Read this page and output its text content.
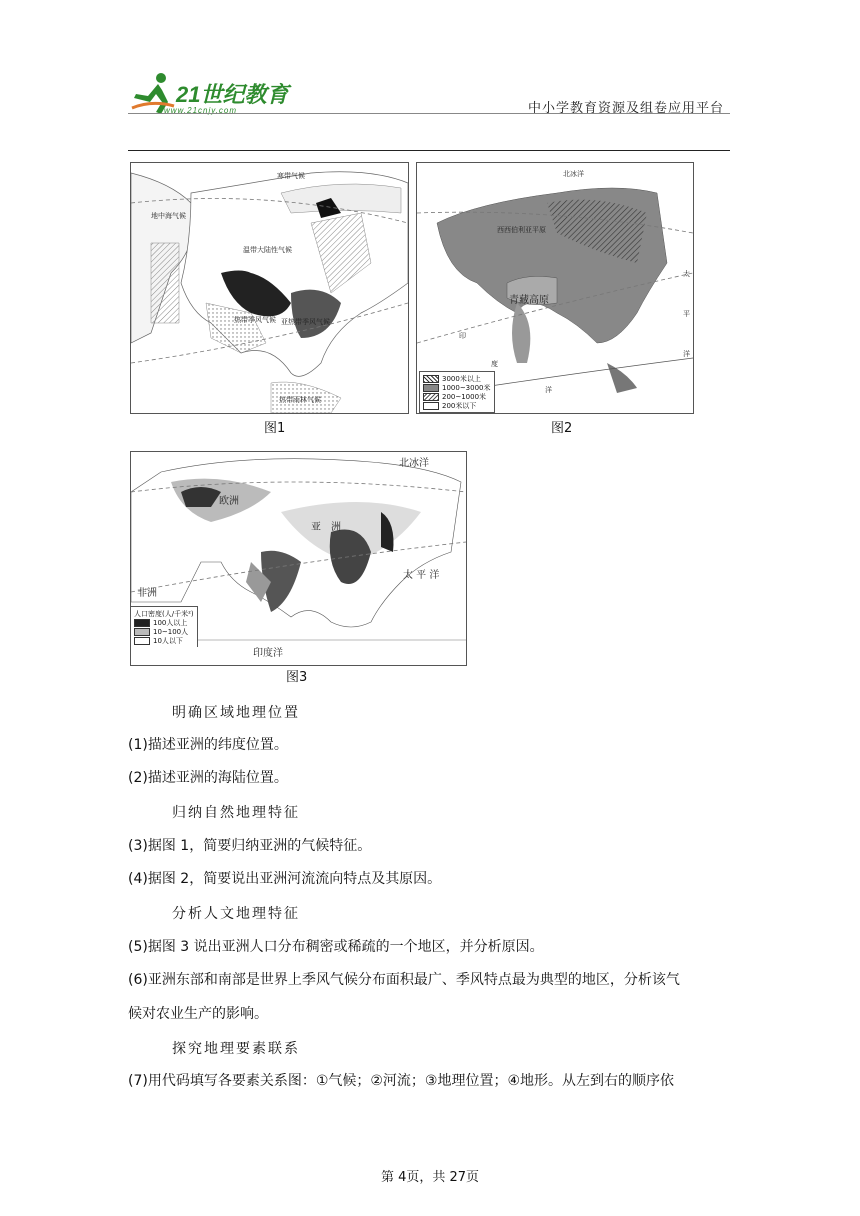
21世纪教育
www.21cnjy.com	中小学教育资源及组卷应用平台
寒带气候
地中海气候
温带大陆性气候
热带季风气候 亚热带季风气候
热带雨林气候
图1
北冰洋
青藏高原
西西伯利亚平原
太
平
洋
印
度
洋
3000米以上
1000~3000米
200~1000米
200米以下
图2
北冰洋
欧洲
亚　洲
非洲
太 平 洋
印度洋
人口密度(人/千米²)
100人以上
10~100人
10人以下
图3
明确区域地理位置
(1)描述亚洲的纬度位置。
(2)描述亚洲的海陆位置。
归纳自然地理特征
(3)据图 1，简要归纳亚洲的气候特征。
(4)据图 2，简要说出亚洲河流流向特点及其原因。
分析人文地理特征
(5)据图 3 说出亚洲人口分布稠密或稀疏的一个地区，并分析原因。
(6)亚洲东部和南部是世界上季风气候分布面积最广、季风特点最为典型的地区，分析该气
候对农业生产的影响。
探究地理要素联系
(7)用代码填写各要素关系图：①气候；②河流；③地理位置；④地形。从左到右的顺序依
第 4页，共 27页
